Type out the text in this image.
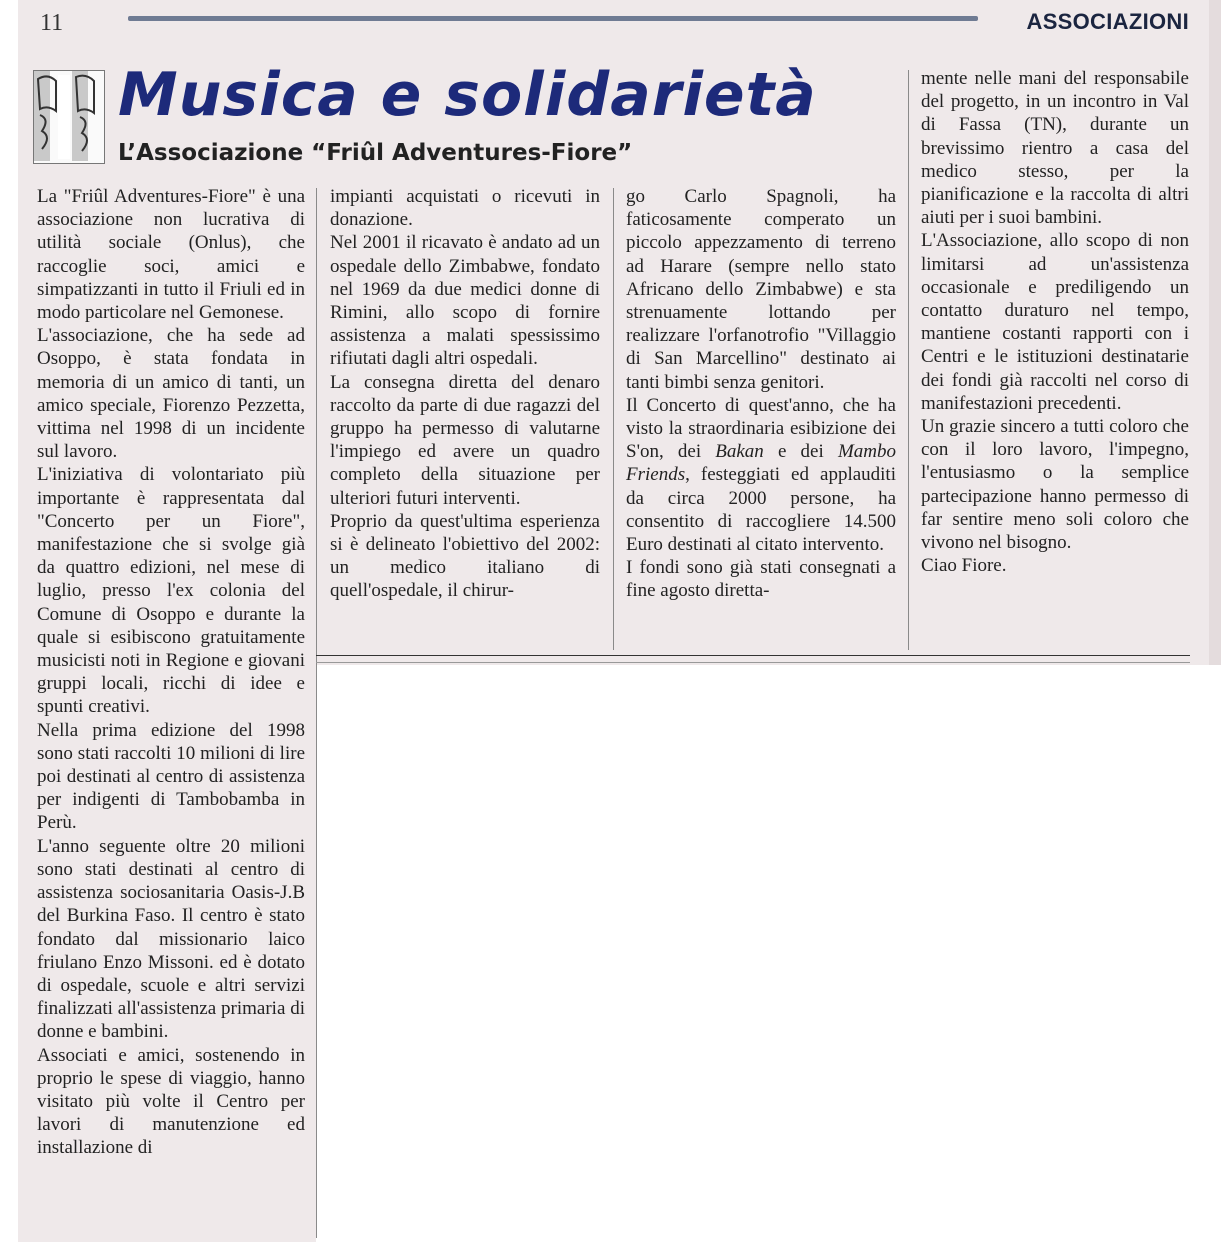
11	ASSOCIAZIONI
Musica e solidarietà
L’Associazione “Friûl Adventures-Fiore”

La "Friûl Adventures-Fiore" è una associazione non lucrativa di utilità sociale (Onlus), che raccoglie soci, amici e simpatizzanti in tutto il Friuli ed in modo particolare nel Gemonese.

L'associazione, che ha sede ad Osoppo, è stata fondata in memoria di un amico di tanti, un amico speciale, Fiorenzo Pezzetta, vittima nel 1998 di un incidente sul lavoro.

L'iniziativa di volontariato più importante è rappresentata dal "Concerto per un Fiore", manifestazione che si svolge già da quattro edizioni, nel mese di luglio, presso l'ex colonia del Comune di Osoppo e durante la quale si esibiscono gratuitamente musicisti noti in Regione e giovani gruppi locali, ricchi di idee e spunti creativi.

Nella prima edizione del 1998 sono stati raccolti 10 milioni di lire poi destinati al centro di assistenza per indigenti di Tambobamba in Perù.

L'anno seguente oltre 20 milioni sono stati destinati al centro di assistenza sociosanitaria Oasis-J.B del Burkina Faso. Il centro è stato fondato dal missionario laico friulano Enzo Missoni. ed è dotato di ospedale, scuole e altri servizi finalizzati all'assistenza primaria di donne e bambini.

Associati e amici, sostenendo in proprio le spese di viaggio, hanno visitato più volte il Centro per lavori di manutenzione ed installazione di

impianti acquistati o ricevuti in donazione.

Nel 2001 il ricavato è andato ad un ospedale dello Zimbabwe, fondato nel 1969 da due medici donne di Rimini, allo scopo di fornire assistenza a malati spessissimo rifiutati dagli altri ospedali.

La consegna diretta del denaro raccolto da parte di due ragazzi del gruppo ha permesso di valutarne l'impiego ed avere un quadro completo della situazione per ulteriori futuri interventi.

Proprio da quest'ultima esperienza si è delineato l'obiettivo del 2002: un medico italiano di quell'ospedale, il chirur-

go Carlo Spagnoli, ha faticosamente comperato un piccolo appezzamento di terreno ad Harare (sempre nello stato Africano dello Zimbabwe) e sta strenuamente lottando per realizzare l'orfanotrofio "Villaggio di San Marcellino" destinato ai tanti bimbi senza genitori.

Il Concerto di quest'anno, che ha visto la straordinaria esibizione dei S'on, dei Bakan e dei Mambo Friends, festeggiati ed applauditi da circa 2000 persone, ha consentito di raccogliere 14.500 Euro destinati al citato intervento.

I fondi sono già stati consegnati a fine agosto diretta-

mente nelle mani del responsabile del progetto, in un incontro in Val di Fassa (TN), durante un brevissimo rientro a casa del medico stesso, per la pianificazione e la raccolta di altri aiuti per i suoi bambini.

L'Associazione, allo scopo di non limitarsi ad un'assistenza occasionale e prediligendo un contatto duraturo nel tempo, mantiene costanti rapporti con i Centri e le istituzioni destinatarie dei fondi già raccolti nel corso di manifestazioni precedenti.

Un grazie sincero a tutti coloro che con il loro lavoro, l'impegno, l'entusiasmo o la semplice partecipazione hanno permesso di far sentire meno soli coloro che vivono nel bisogno.

Ciao Fiore.
